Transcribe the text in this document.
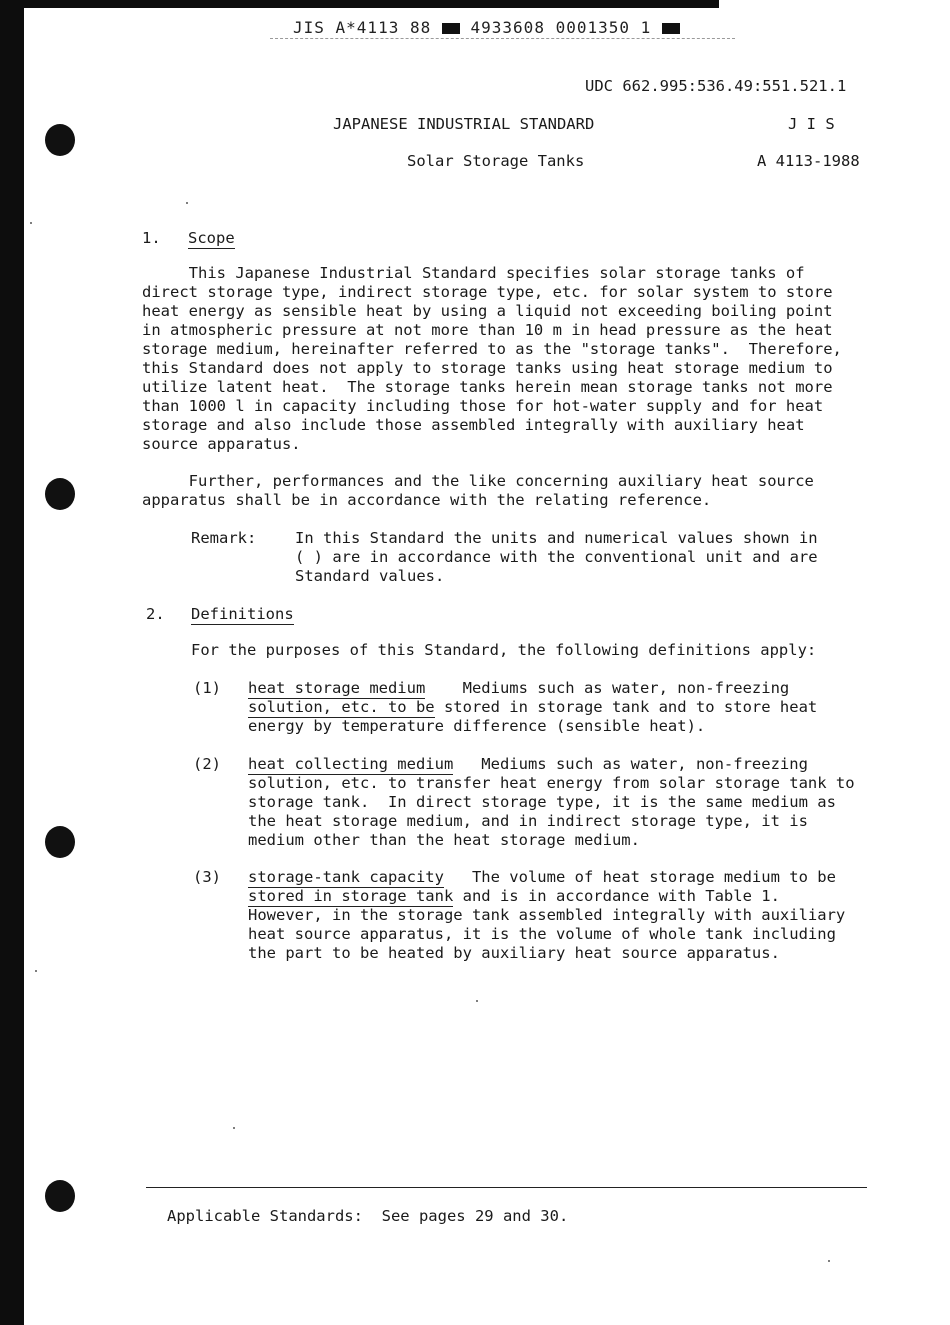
JIS A*4113 88 4933608 0001350 1
UDC 662.995:536.49:551.521.1
JAPANESE INDUSTRIAL STANDARD	J I S
Solar Storage Tanks	A 4113-1988
1. Scope
This Japanese Industrial Standard specifies solar storage tanks of
direct storage type, indirect storage type, etc. for solar system to store
heat energy as sensible heat by using a liquid not exceeding boiling point
in atmospheric pressure at not more than 10 m in head pressure as the heat
storage medium, hereinafter referred to as the "storage tanks".  Therefore,
this Standard does not apply to storage tanks using heat storage medium to
utilize latent heat.  The storage tanks herein mean storage tanks not more
than 1000 l in capacity including those for hot-water supply and for heat
storage and also include those assembled integrally with auxiliary heat
source apparatus.
Further, performances and the like concerning auxiliary heat source
apparatus shall be in accordance with the relating reference.
Remark: In this Standard the units and numerical values shown in
( ) are in accordance with the conventional unit and are
Standard values.
2. Definitions
For the purposes of this Standard, the following definitions apply:
(1) heat storage medium    Mediums such as water, non-freezing
solution, etc. to be stored in storage tank and to store heat
energy by temperature difference (sensible heat).
(2) heat collecting medium   Mediums such as water, non-freezing
solution, etc. to transfer heat energy from solar storage tank to
storage tank.  In direct storage type, it is the same medium as
the heat storage medium, and in indirect storage type, it is
medium other than the heat storage medium.
(3) storage-tank capacity   The volume of heat storage medium to be
stored in storage tank and is in accordance with Table 1.
However, in the storage tank assembled integrally with auxiliary
heat source apparatus, it is the volume of whole tank including
the part to be heated by auxiliary heat source apparatus.
Applicable Standards: See pages 29 and 30.
